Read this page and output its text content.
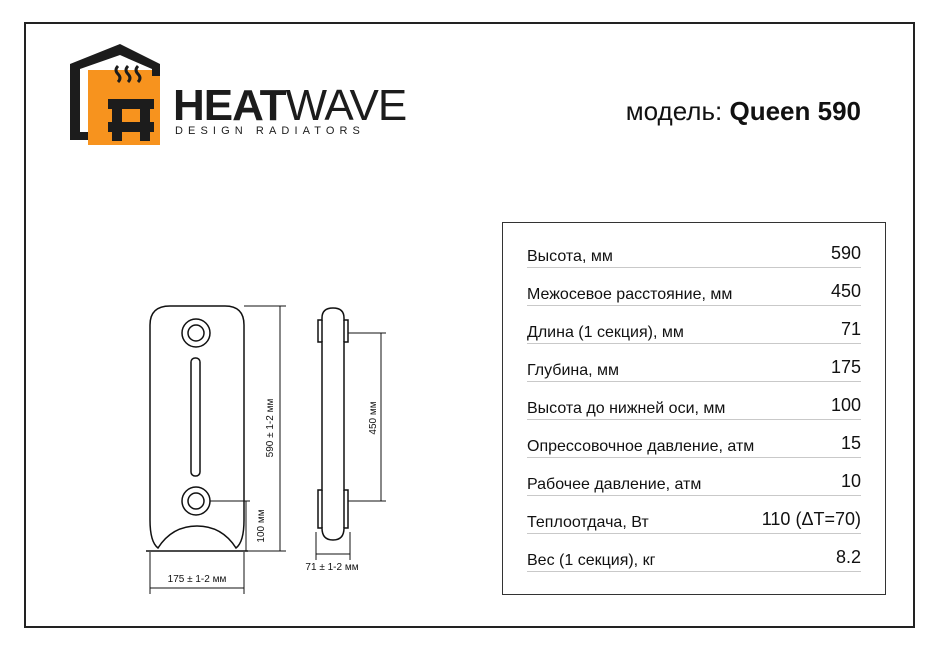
HEATWAVE
DESIGN RADIATORS
модель: Queen 590
590 ± 1-2 мм
100 мм
175 ± 1-2 мм
450 мм
71 ± 1-2 мм
Высота, мм	590
Межосевое расстояние, мм	450
Длина (1 секция), мм	71
Глубина, мм	175
Высота до нижней оси, мм	100
Опрессовочное давление, атм	15
Рабочее давление, атм	10
Теплоотдача, Вт	110 (ΔT=70)
Вес (1 секция), кг	8.2
